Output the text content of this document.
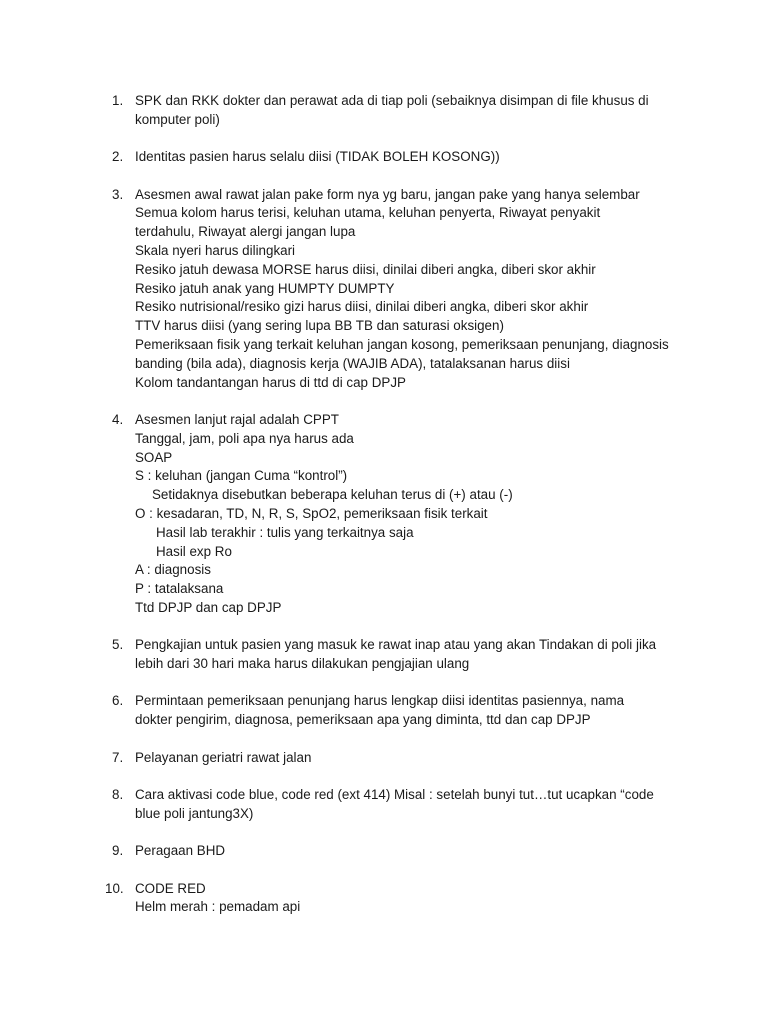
1. SPK dan RKK dokter dan perawat ada di tiap poli (sebaiknya disimpan di file khusus di
komputer poli)
2. Identitas pasien harus selalu diisi (TIDAK BOLEH KOSONG))
3. Asesmen awal rawat jalan pake form nya yg baru, jangan pake yang hanya selembar
Semua kolom harus terisi, keluhan utama, keluhan penyerta, Riwayat penyakit
terdahulu, Riwayat alergi jangan lupa
Skala nyeri harus dilingkari
Resiko jatuh dewasa MORSE harus diisi, dinilai diberi angka, diberi skor akhir
Resiko jatuh anak yang HUMPTY DUMPTY
Resiko nutrisional/resiko gizi harus diisi, dinilai diberi angka, diberi skor akhir
TTV harus diisi (yang sering lupa BB TB dan saturasi oksigen)
Pemeriksaan fisik yang terkait keluhan jangan kosong, pemeriksaan penunjang, diagnosis
banding (bila ada), diagnosis kerja (WAJIB ADA), tatalaksanan harus diisi
Kolom tandantangan harus di ttd di cap DPJP
4. Asesmen lanjut rajal adalah CPPT
Tanggal, jam, poli apa nya harus ada
SOAP
S : keluhan (jangan Cuma “kontrol”)
Setidaknya disebutkan beberapa keluhan terus di (+) atau (-)
O : kesadaran, TD, N, R, S, SpO2, pemeriksaan fisik terkait
Hasil lab terakhir : tulis yang terkaitnya saja
Hasil exp Ro
A : diagnosis
P : tatalaksana
Ttd DPJP dan cap DPJP
5. Pengkajian untuk pasien yang masuk ke rawat inap atau yang akan Tindakan di poli jika
lebih dari 30 hari maka harus dilakukan pengjajian ulang
6. Permintaan pemeriksaan penunjang harus lengkap diisi identitas pasiennya, nama
dokter pengirim, diagnosa, pemeriksaan apa yang diminta, ttd dan cap DPJP
7. Pelayanan geriatri rawat jalan
8. Cara aktivasi code blue, code red (ext 414) Misal : setelah bunyi tut…tut ucapkan “code
blue poli jantung3X)
9. Peragaan BHD
10. CODE RED
Helm merah : pemadam api
